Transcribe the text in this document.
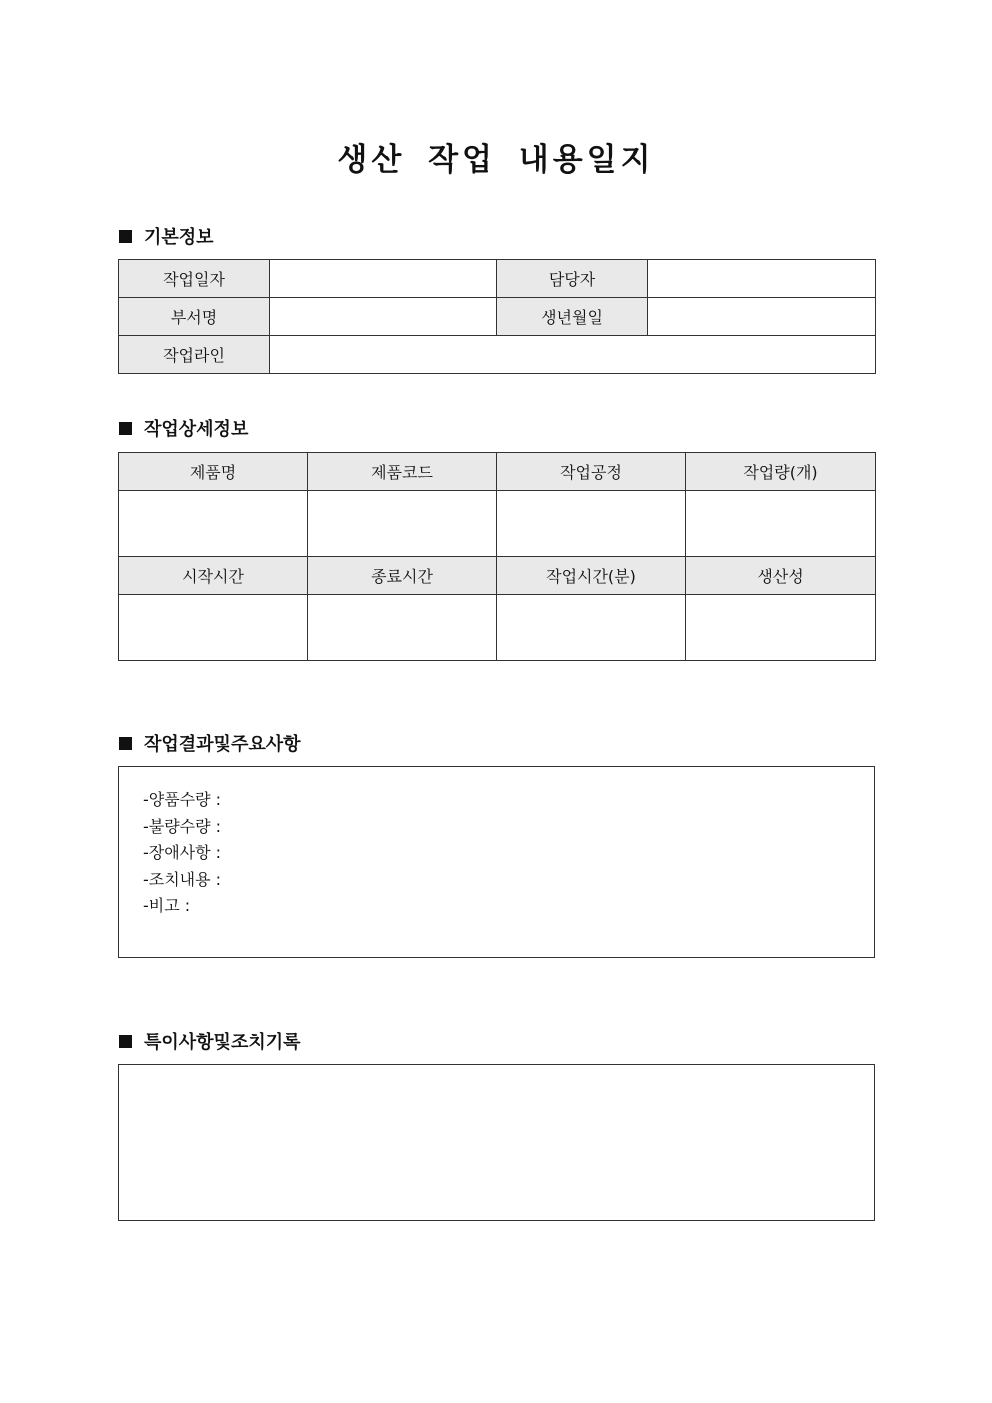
생산 작업 내용일지
기본정보
작업일자		담당자	
부서명		생년월일	
작업라인			
작업상세정보
제품명	제품코드	작업공정	작업량(개)

시작시간	종료시간	작업시간(분)	생산성

작업결과및주요사항
-양품수량 :
-불량수량 :
-장애사항 :
-조치내용 :
-비고 :
특이사항및조치기록
